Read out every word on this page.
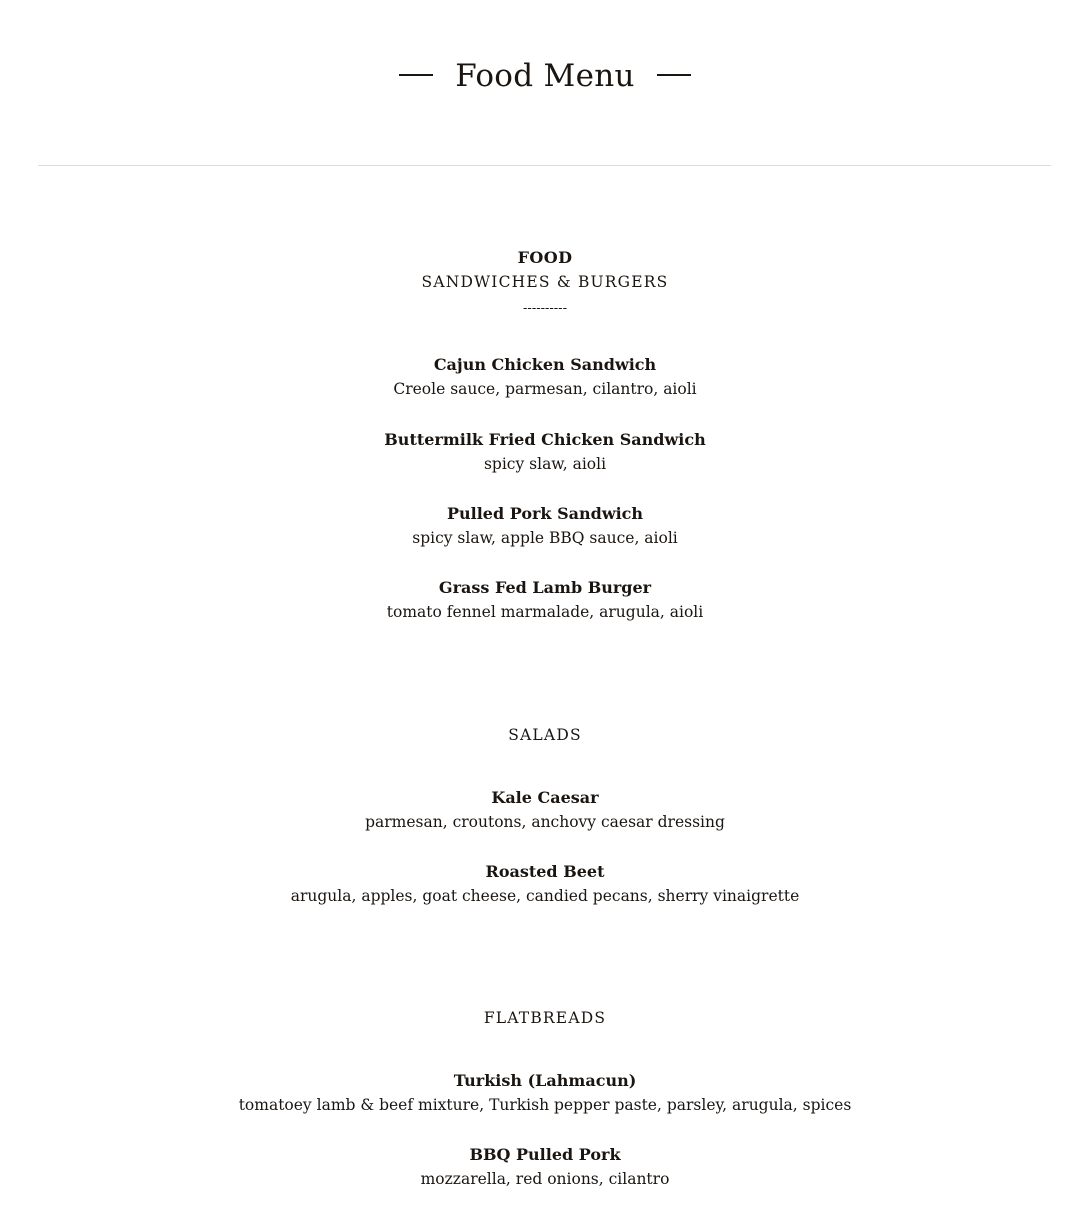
Food Menu
FOOD
SANDWICHES & BURGERS
----------
Cajun Chicken Sandwich
Creole sauce, parmesan, cilantro, aioli
Buttermilk Fried Chicken Sandwich
spicy slaw, aioli
Pulled Pork Sandwich
spicy slaw, apple BBQ sauce, aioli
Grass Fed Lamb Burger
tomato fennel marmalade, arugula, aioli
SALADS
Kale Caesar
parmesan, croutons, anchovy caesar dressing
Roasted Beet
arugula, apples, goat cheese, candied pecans, sherry vinaigrette
FLATBREADS
Turkish (Lahmacun)
tomatoey lamb & beef mixture, Turkish pepper paste, parsley, arugula, spices
BBQ Pulled Pork
mozzarella, red onions, cilantro
